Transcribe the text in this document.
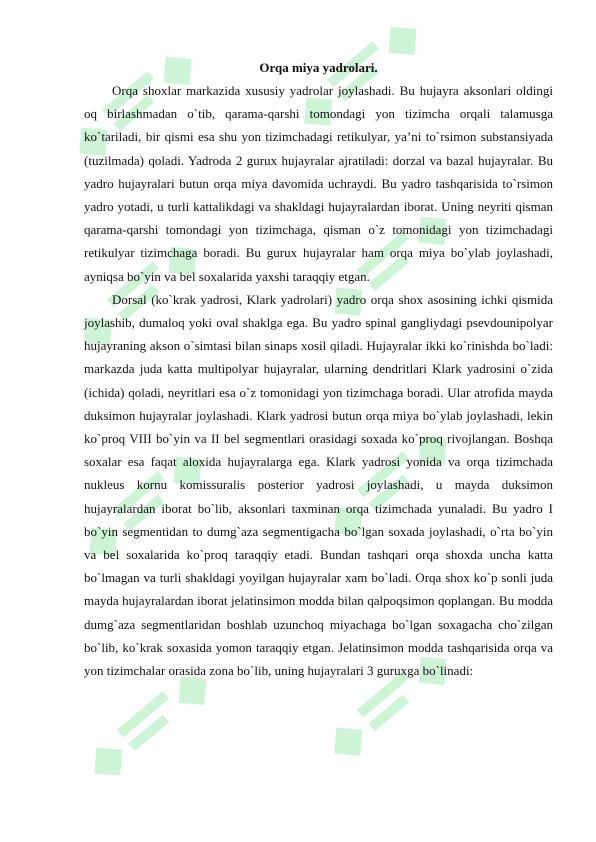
Orqa miya yadrolari.

Orqa shoxlar markazida xususiy yadrolar joylashadi. Bu hujayra aksonlari oldingi oq birlashmadan o`tib, qarama-qarshi tomondagi yon tizimcha orqali talamusga ko`tariladi, bir qismi esa shu yon tizimchadagi retikulyar, ya’ni to`rsimon substansiyada (tuzilmada) qoladi. Yadroda 2 gurux hujayralar ajratiladi: dorzal va bazal hujayralar. Bu yadro hujayralari butun orqa miya davomida uchraydi. Bu yadro tashqarisida to`rsimon yadro yotadi, u turli kattalikdagi va shakldagi hujayralardan iborat. Uning neyriti qisman qarama-qarshi tomondagi yon tizimchaga, qisman o`z tomonidagi yon tizimchadagi retikulyar tizimchaga boradi. Bu gurux hujayralar ham orqa miya bo`ylab joylashadi, ayniqsa bo`yin va bel soxalarida yaxshi taraqqiy etgan.

Dorsal (ko`krak yadrosi, Klark yadrolari) yadro orqa shox asosining ichki qismida joylashib, dumaloq yoki oval shaklga ega. Bu yadro spinal gangliydagi psevdounipolyar hujayraning akson o`simtasi bilan sinaps xosil qiladi. Hujayralar ikki ko`rinishda bo`ladi: markazda juda katta multipolyar hujayralar, ularning dendritlari Klark yadrosini o`zida (ichida) qoladi, neyritlari esa o`z tomonidagi yon tizimchaga boradi. Ular atrofida mayda duksimon hujayralar joylashadi. Klark yadrosi butun orqa miya bo`ylab joylashadi, lekin ko`proq VIII bo`yin va II bel segmentlari orasidagi soxada ko`proq rivojlangan. Boshqa soxalar esa faqat aloxida hujayralarga ega. Klark yadrosi yonida va orqa tizimchada nukleus kornu komissuralis posterior yadrosi joylashadi, u mayda duksimon hujayralardan iborat bo`lib, aksonlari taxminan orqa tizimchada yunaladi. Bu yadro I bo`yin segmentidan to dumg`aza segmentigacha bo`lgan soxada joylashadi, o`rta bo`yin va bel soxalarida ko`proq taraqqiy etadi. Bundan tashqari orqa shoxda uncha katta bo`lmagan va turli shakldagi yoyilgan hujayralar xam bo`ladi. Orqa shox ko`p sonli juda mayda hujayralardan iborat jelatinsimon modda bilan qalpoqsimon qoplangan. Bu modda dumg`aza segmentlaridan boshlab uzunchoq miyachaga bo`lgan soxagacha cho`zilgan bo`lib, ko`krak soxasida yomon taraqqiy etgan. Jelatinsimon modda tashqarisida orqa va yon tizimchalar orasida zona bo`lib, uning hujayralari 3 guruxga bo`linadi:
